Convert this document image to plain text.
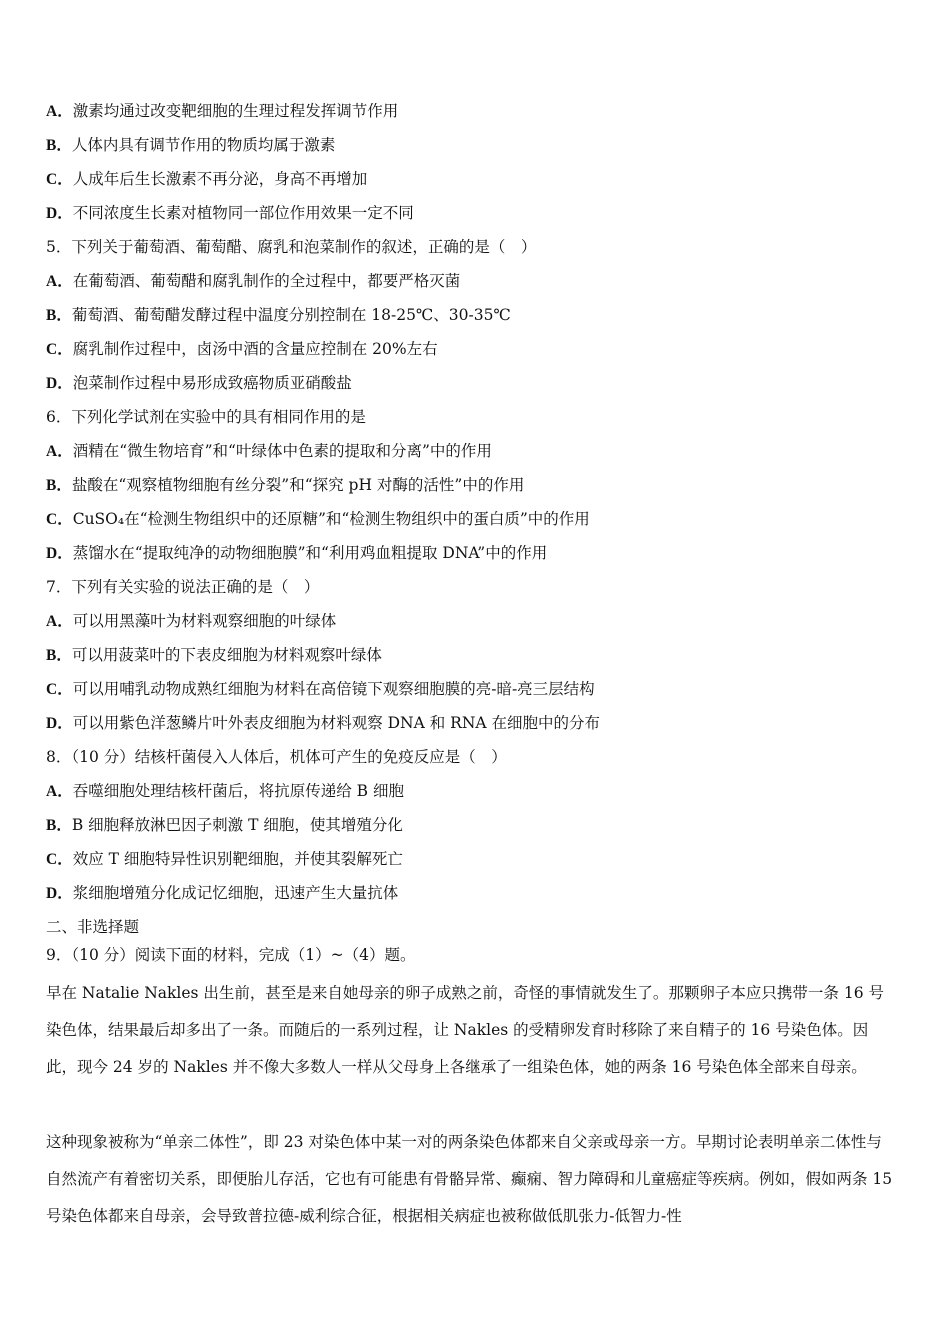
A．激素均通过改变靶细胞的生理过程发挥调节作用
B．人体内具有调节作用的物质均属于激素
C．人成年后生长激素不再分泌，身高不再增加
D．不同浓度生长素对植物同一部位作用效果一定不同
5．下列关于葡萄酒、葡萄醋、腐乳和泡菜制作的叙述，正确的是（　）
A．在葡萄酒、葡萄醋和腐乳制作的全过程中，都要严格灭菌
B．葡萄酒、葡萄醋发酵过程中温度分别控制在 18-25℃、30-35℃
C．腐乳制作过程中，卤汤中酒的含量应控制在 20%左右
D．泡菜制作过程中易形成致癌物质亚硝酸盐
6．下列化学试剂在实验中的具有相同作用的是
A．酒精在“微生物培育”和“叶绿体中色素的提取和分离”中的作用
B．盐酸在“观察植物细胞有丝分裂”和“探究 pH 对酶的活性”中的作用
C．CuSO₄在“检测生物组织中的还原糖”和“检测生物组织中的蛋白质”中的作用
D．蒸馏水在“提取纯净的动物细胞膜”和“利用鸡血粗提取 DNA”中的作用
7．下列有关实验的说法正确的是（　）
A．可以用黑藻叶为材料观察细胞的叶绿体
B．可以用菠菜叶的下表皮细胞为材料观察叶绿体
C．可以用哺乳动物成熟红细胞为材料在高倍镜下观察细胞膜的亮-暗-亮三层结构
D．可以用紫色洋葱鳞片叶外表皮细胞为材料观察 DNA 和 RNA 在细胞中的分布
8．（10 分）结核杆菌侵入人体后，机体可产生的免疫反应是（　）
A．吞噬细胞处理结核杆菌后，将抗原传递给 B 细胞
B．B 细胞释放淋巴因子刺激 T 细胞，使其增殖分化
C．效应 T 细胞特异性识别靶细胞，并使其裂解死亡
D．浆细胞增殖分化成记忆细胞，迅速产生大量抗体
二、非选择题
9．（10 分）阅读下面的材料，完成（1）~（4）题。
早在 Natalie Nakles 出生前，甚至是来自她母亲的卵子成熟之前，奇怪的事情就发生了。那颗卵子本应只携带一条 16 号染色体，结果最后却多出了一条。而随后的一系列过程，让 Nakles 的受精卵发育时移除了来自精子的 16 号染色体。因此，现今 24 岁的 Nakles 并不像大多数人一样从父母身上各继承了一组染色体，她的两条 16 号染色体全部来自母亲。
这种现象被称为“单亲二体性”，即 23 对染色体中某一对的两条染色体都来自父亲或母亲一方。早期讨论表明单亲二体性与自然流产有着密切关系，即便胎儿存活，它也有可能患有骨骼异常、癫痫、智力障碍和儿童癌症等疾病。例如，假如两条 15 号染色体都来自母亲，会导致普拉德-威利综合征，根据相关病症也被称做低肌张力-低智力-性
